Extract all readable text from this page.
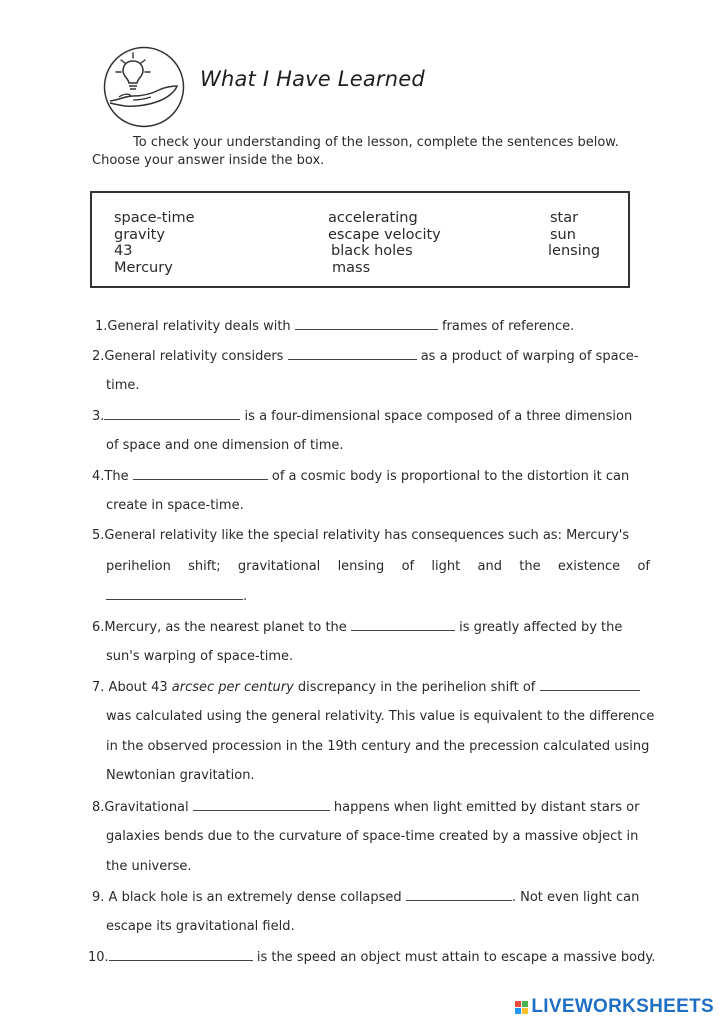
What I Have Learned
To check your understanding of the lesson, complete the sentences below.
Choose your answer inside the box.
space-time	accelerating	star
gravity	escape velocity	sun
43	black holes	lensing
Mercury	mass
1.General relativity deals with	frames of reference.
2.General relativity considers	as a product of warping of space-
time.
3.	is a four-dimensional space composed of a three dimension
of space and one dimension of time.
4.The	of a cosmic body is proportional to the distortion it can
create in space-time.
5.General relativity like the special relativity has consequences such as: Mercury's
perihelion shift; gravitational lensing of light and the existence of
.
6.Mercury, as the nearest planet to the	is greatly affected by the
sun's warping of space-time.
7. About 43 arcsec per century discrepancy in the perihelion shift of
was calculated using the general relativity. This value is equivalent to the difference
in the observed procession in the 19th century and the precession calculated using
Newtonian gravitation.
8.Gravitational	happens when light emitted by distant stars or
galaxies bends due to the curvature of space-time created by a massive object in
the universe.
9. A black hole is an extremely dense collapsed	. Not even light can
escape its gravitational field.
10.	is the speed an object must attain to escape a massive body.
LIVEWORKSHEETS
